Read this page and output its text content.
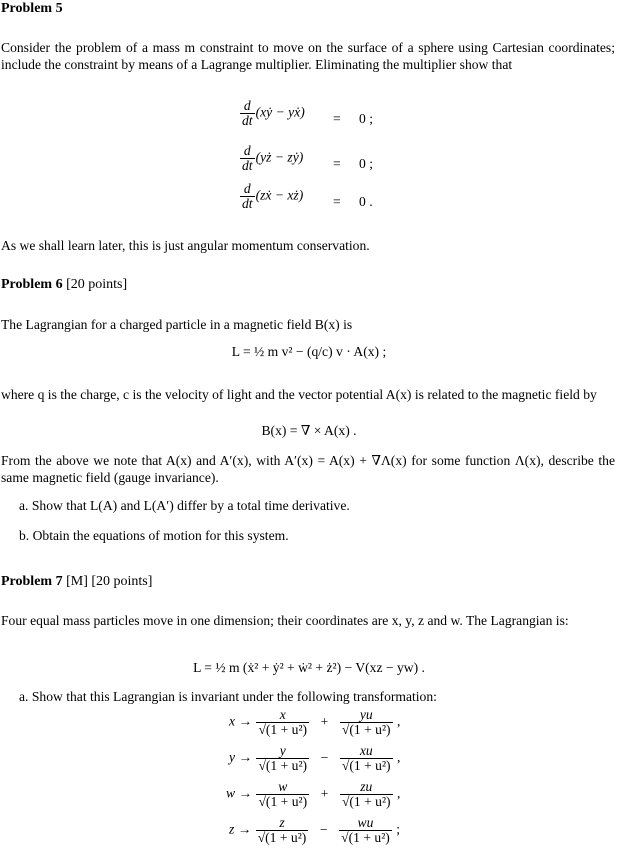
Problem 5
Consider the problem of a mass m constraint to move on the surface of a sphere using Cartesian coordinates; include the constraint by means of a Lagrange multiplier. Eliminating the multiplier show that
$\frac{d}{dt}$ (xẏ − yẋ) = 0 ;
$\frac{d}{dt}$ (yż − zẏ) = 0 ;
$\frac{d}{dt}$ (zẋ − xż) = 0 .
As we shall learn later, this is just angular momentum conservation.
Problem 6 [20 points]
The Lagrangian for a charged particle in a magnetic field B(x) is
L = ½ m v² − (q/c) v · A(x) ;
where q is the charge, c is the velocity of light and the vector potential A(x) is related to the magnetic field by
B(x) = ∇ × A(x) .
From the above we note that A(x) and A′(x), with A′(x) = A(x) + ∇Λ(x) for some function Λ(x), describe the same magnetic field (gauge invariance).
a. Show that L(A) and L(A′) differ by a total time derivative.
b. Obtain the equations of motion for this system.
Problem 7 [M] [20 points]
Four equal mass particles move in one dimension; their coordinates are x, y, z and w. The Lagrangian is:
L = ½ m (ẋ² + ẏ² + ẇ² + ż²) − V(xz − yw) .
a. Show that this Lagrangian is invariant under the following transformation:
$x \to \frac{x}{\text{√(1 + u²)}} + \frac{yu}{\text{√(1 + u²)}}$ ,
$y \to \frac{y}{\text{√(1 + u²)}} - \frac{xu}{\text{√(1 + u²)}}$ ,
$w \to \frac{w}{\text{√(1 + u²)}} + \frac{zu}{\text{√(1 + u²)}}$ ,
$z \to \frac{z}{\text{√(1 + u²)}} - \frac{wu}{\text{√(1 + u²)}}$ ;
